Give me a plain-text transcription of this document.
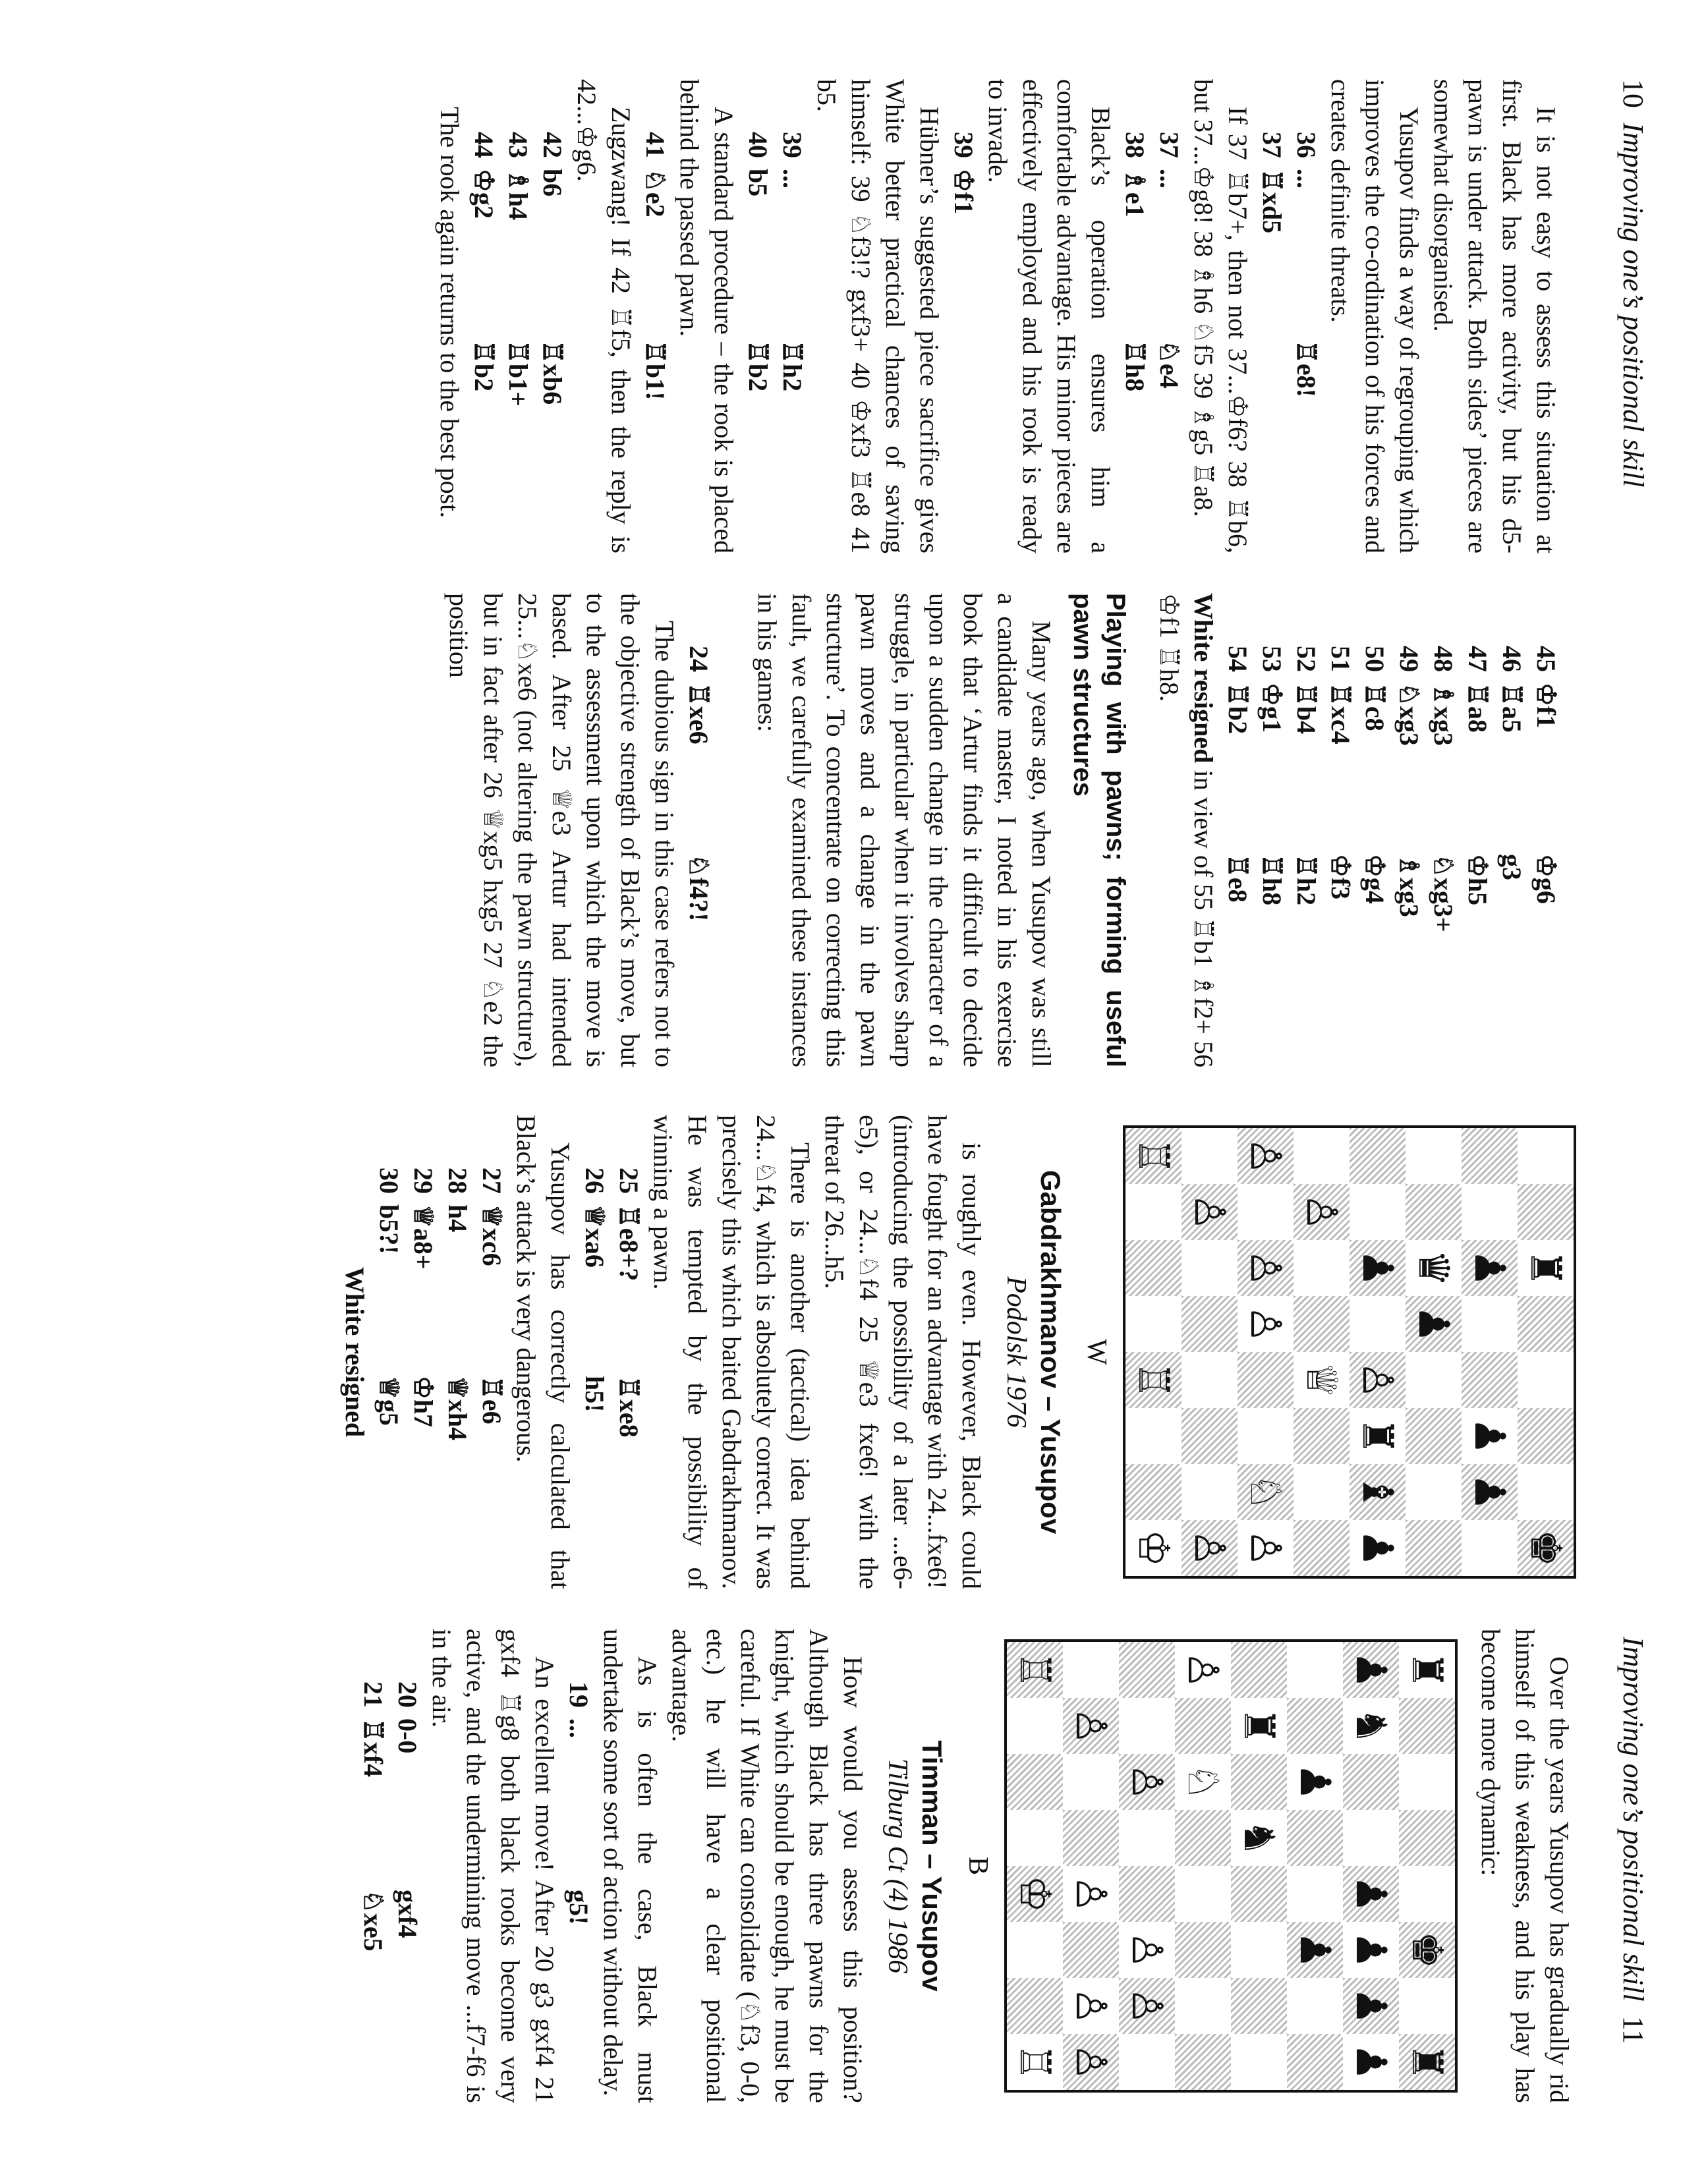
10  Improving one’s positional skill

It is not easy to assess this situation at first. Black has more activity, but his d5-pawn is under attack. Both sides’ pieces are somewhat disorganised.

Yusupov finds a way of regrouping which improves the co-ordination of his forces and creates definite threats.

36
...
♖e8!
37
♖xd5

If 37 ♖b7+, then not 37...♔f6? 38 ♖b6, but 37...♔g8! 38 ♗h6 ♘f5 39 ♗g5 ♖a8.

37
...
♘e4
38
♗e1
♖h8

Black’s operation ensures him a comfortable advantage. His minor pieces are effectively employed and his rook is ready to invade.

39
♔f1

Hübner’s suggested piece sacrifice gives White better practical chances of saving himself: 39 ♘f3!? gxf3+ 40 ♔xf3 ♖e8 41 b5.

39
...
♖h2
40
b5
♖b2

A standard procedure – the rook is placed behind the passed pawn.

41
♘e2
♖b1!

Zugzwang! If 42 ♖f5, then the reply is 42...♔g6.

42
b6
♖xb6
43
♗h4
♖b1+
44
♔g2
♖b2

The rook again returns to the best post.

45
♔f1
♔g6
46
♖a5
g3
47
♖a8
♔h5
48
♗xg3
♘xg3+
49
♘xg3
♗xg3
50
♖c8
♔g4
51
♖xc4
♔f3
52
♖b4
♖h2
53
♔g1
♖h8
54
♖b2
♖e8

White resigned in view of 55 ♖b1 ♗f2+ 56 ♔f1 ♖h8.

Playing with pawns; forming useful pawn structures

Many years ago, when Yusupov was still a candidate master, I noted in his exercise book that ‘Artur finds it difficult to decide upon a sudden change in the character of a struggle, in particular when it involves sharp pawn moves and a change in the pawn structure’. To concentrate on correcting this fault, we carefully examined these instances in his games:

24
♖xe6
♘f4?!

The dubious sign in this case refers not to the objective strength of Black’s move, but to the assessment upon which the move is based. After 25 ♕e3 Artur had intended 25...♘xe6 (not altering the pawn structure), but in fact after 26 ♕xg5 hxg5 27 ♘e2 the position

Improving one’s positional skill  11
♜
♚
♟
♟
♟
♛
♟
♟
♙
♜
♝
♟
♙
♕
♙
♙
♙
♘
♙
♙
♙
♖
♖
♔
W
Gabdrakhmanov – Yusupov
Podolsk 1976

is roughly even. However, Black could have fought for an advantage with 24...fxe6! (introducing the possibility of a later ...e6-e5), or 24...♘f4 25 ♕e3 fxe6! with the threat of 26...h5.

There is another (tactical) idea behind 24...♘f4, which is absolutely correct. It was precisely this which baited Gabdrakhmanov. He was tempted by the possibility of winning a pawn.

25
♖e8+?
♖xe8
26
♕xa6
h5!

Yusupov has correctly calculated that Black’s attack is very dangerous.

27
♕xc6
♖e6
28
h4
♕xh4
29
♕a8+
♔h7
30
b5?!
♕g5
White resigned

Over the years Yusupov has gradually rid himself of this weakness, and his play has become more dynamic:

♜
♚
♜
♟
♞
♟
♟
♟
♟
♟
♟
♜
♞
♙
♘
♙
♙
♙
♙
♙
♙
♙
♖
♔
♖
B
Timman – Yusupov
Tilburg Ct (4) 1986

How would you assess this position? Although Black has three pawns for the knight, which should be enough, he must be careful. If White can consolidate (♘f3, 0-0, etc.) he will have a clear positional advantage.

As is often the case, Black must undertake some sort of action without delay.

19
...
g5!

An excellent move! After 20 g3 gxf4 21 gxf4 ♖g8 both black rooks become very active, and the undermining move ...f7-f6 is in the air.

20
0-0
gxf4
21
♖xf4
♘xe5
